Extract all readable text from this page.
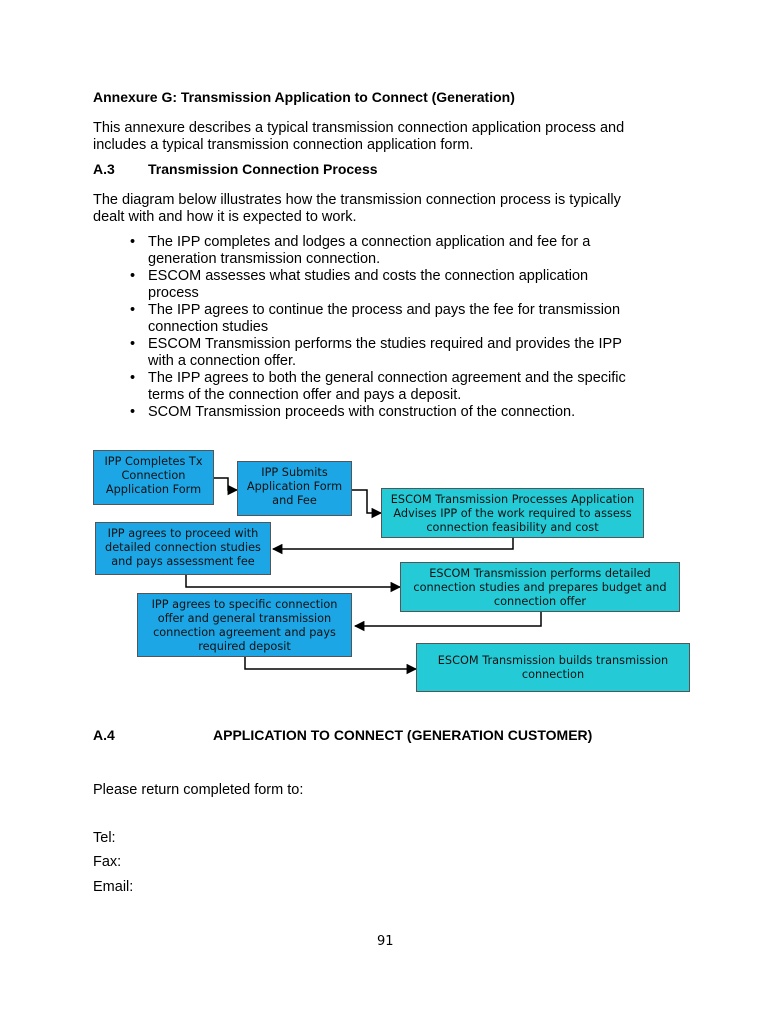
Annexure G: Transmission Application to Connect (Generation)
This annexure describes a typical transmission connection application process and
includes a typical transmission connection application form.
A.3 Transmission Connection Process
The diagram below illustrates how the transmission connection process is typically
dealt with and how it is expected to work.
• The IPP completes and lodges a connection application and fee for a
generation transmission connection.
• ESCOM assesses what studies and costs the connection application
process
• The IPP agrees to continue the process and pays the fee for transmission
connection studies
• ESCOM Transmission performs the studies required and provides the IPP
with a connection offer.
• The IPP agrees to both the general connection agreement and the specific
terms of the connection offer and pays a deposit.
• SCOM Transmission proceeds with construction of the connection.
IPP Completes Tx
Connection
Application Form
IPP Submits
Application Form
and Fee	ESCOM Transmission Processes Application
Advises IPP of the work required to assess
connection feasibility and cost
IPP agrees to proceed with
detailed connection studies
and pays assessment fee
ESCOM Transmission performs detailed
connection studies and prepares budget and
connection offer
IPP agrees to specific connection
offer and general transmission
connection agreement and pays
required deposit
ESCOM Transmission builds transmission
connection
A.4	APPLICATION TO CONNECT (GENERATION CUSTOMER)
Please return completed form to:
Tel:
Fax:
Email:
91
